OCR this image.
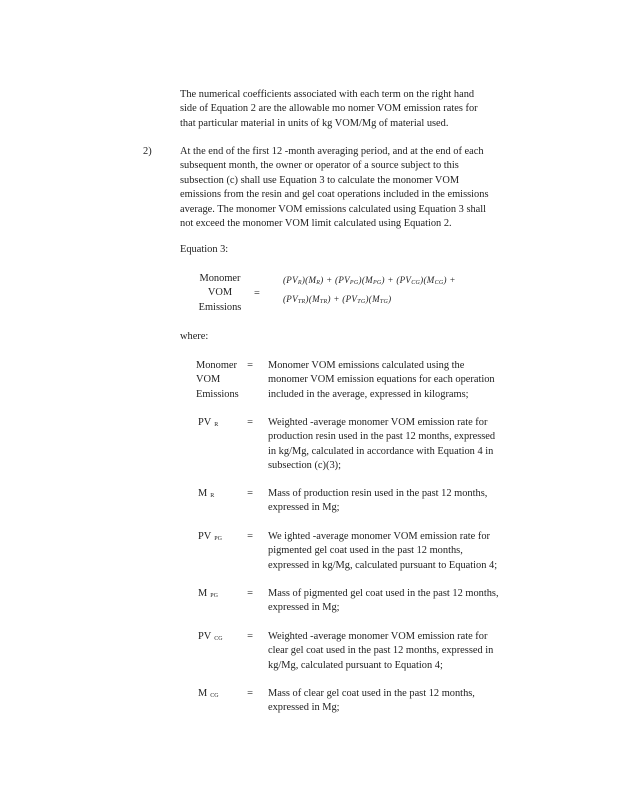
The numerical coefficients associated with each term on the right hand
side of Equation 2 are the allowable mo nomer VOM emission rates for
that particular material in units of kg VOM/Mg of material used.
2)	At the end of the first 12 -month averaging period, and at the end of each
subsequent month, the owner or operator of a source subject to this
subsection (c) shall use Equation 3 to calculate the monomer VOM
emissions from the resin and gel coat operations included in the emissions
average. The monomer VOM emissions calculated using Equation 3 shall
not exceed the monomer VOM limit calculated using Equation 2.
Equation 3:
Monomer
VOM
Emissions
=
(PVR)(MR) + (PVPG)(MPG) + (PVCG)(MCG) +
(PVTR)(MTR) + (PVTG)(MTG)
where:
Monomer
VOM
Emissions
= Monomer VOM emissions calculated using the
monomer VOM emission equations for each operation
included in the average, expressed in kilograms;
PV R	= Weighted -average monomer VOM emission rate for
production resin used in the past 12 months, expressed
in kg/Mg, calculated in accordance with Equation 4 in
subsection (c)(3);
M R	= Mass of production resin used in the past 12 months,
expressed in Mg;
PV PG	= We ighted -average monomer VOM emission rate for
pigmented gel coat used in the past 12 months,
expressed in kg/Mg, calculated pursuant to Equation 4;
MPG	= Mass of pigmented gel coat used in the past 12 months,
expressed in Mg;
PV CG	= Weighted -average monomer VOM emission rate for
clear gel coat used in the past 12 months, expressed in
kg/Mg, calculated pursuant to Equation 4;
MCG	= Mass of clear gel coat used in the past 12 months,
expressed in Mg;
